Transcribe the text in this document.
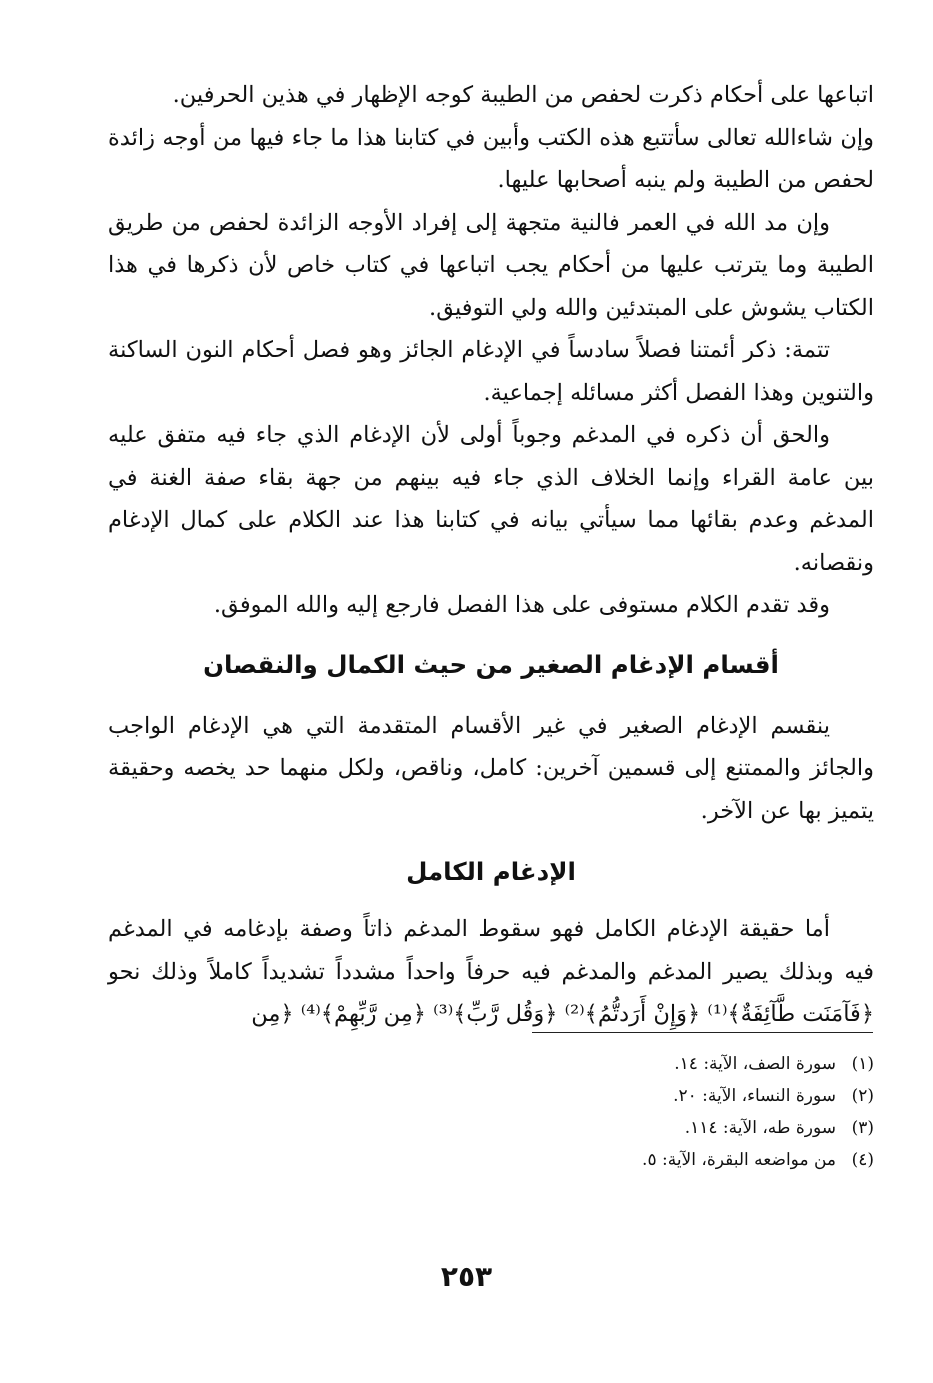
اتباعها على أحكام ذكرت لحفص من الطيبة كوجه الإظهار في هذين الحرفين.

وإن شاءالله تعالى سأتتبع هذه الكتب وأبين في كتابنا هذا ما جاء فيها من أوجه زائدة لحفص من الطيبة ولم ينبه أصحابها عليها.

وإن مد الله في العمر فالنية متجهة إلى إفراد الأوجه الزائدة لحفص من طريق الطيبة وما يترتب عليها من أحكام يجب اتباعها في كتاب خاص لأن ذكرها في هذا الكتاب يشوش على المبتدئين والله ولي التوفيق.

تتمة: ذكر أئمتنا فصلاً سادساً في الإدغام الجائز وهو فصل أحكام النون الساكنة والتنوين وهذا الفصل أكثر مسائله إجماعية.

والحق أن ذكره في المدغم وجوباً أولى لأن الإدغام الذي جاء فيه متفق عليه بين عامة القراء وإنما الخلاف الذي جاء فيه بينهم من جهة بقاء صفة الغنة في المدغم وعدم بقائها مما سيأتي بيانه في كتابنا هذا عند الكلام على كمال الإدغام ونقصانه.

وقد تقدم الكلام مستوفى على هذا الفصل فارجع إليه والله الموفق.

أقسام الإدغام الصغير من حيث الكمال والنقصان

ينقسم الإدغام الصغير في غير الأقسام المتقدمة التي هي الإدغام الواجب والجائز والممتنع إلى قسمين آخرين: كامل، وناقص، ولكل منهما حد يخصه وحقيقة يتميز بها عن الآخر.

الإدغام الكامل

أما حقيقة الإدغام الكامل فهو سقوط المدغم ذاتاً وصفة بإدغامه في المدغم فيه وبذلك يصير المدغم والمدغم فيه حرفاً واحداً مشدداً تشديداً كاملاً وذلك نحو ﴿فَآمَنَت طَّآئِفَةٌ﴾⁽¹⁾ ﴿وَإِنْ أَرَدتُّمُ﴾⁽²⁾ ﴿وَقُل رَّبِّ﴾⁽³⁾ ﴿مِن رَّبِّهِمْ﴾⁽⁴⁾ ﴿مِن

(١)سورة الصف، الآية: ١٤.
(٢)سورة النساء، الآية: ٢٠.
(٣)سورة طه، الآية: ١١٤.
(٤)من مواضعه البقرة، الآية: ٥.
٢٥٣
